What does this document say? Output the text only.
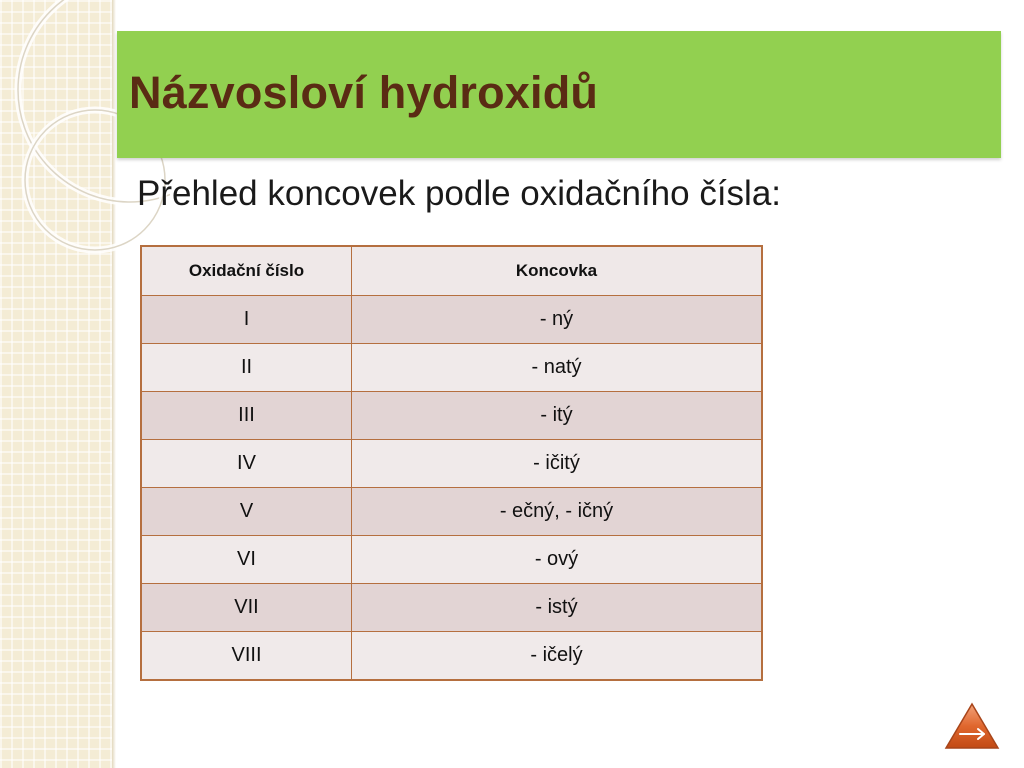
Názvosloví hydroxidů
Přehled koncovek podle oxidačního čísla:
Oxidační číslo	Koncovka
I	- ný
II	- natý
III	- itý
IV	- ičitý
V	- ečný, - ičný
VI	- ový
VII	- istý
VIII	- ičelý
